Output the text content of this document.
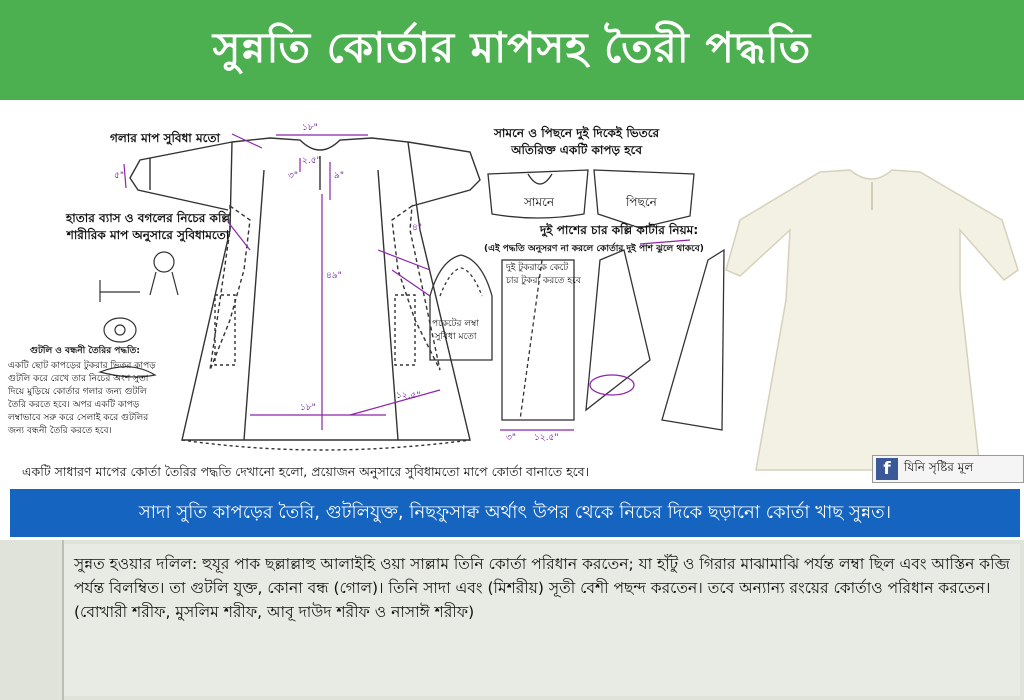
সুন্নতি কোর্তার মাপসহ তৈরী পদ্ধতি
গলার মাপ সুবিধা মতো
হাতার ব্যাস ও বগলের নিচের কল্লি
শারীরিক মাপ অনুসারে সুবিধামতো
সামনে ও পিছনে দুই দিকেই ভিতরে
অতিরিক্ত একটি কাপড় হবে
সামনে	পিছনে
দুই পাশের চার কল্লি কাটার নিয়ম:
(এই পদ্ধতি অনুসরণ না করলে কোর্তার দুই পাশ ঝুলে থাকবে)
দুই টুকরাকে কেটে
চার টুকরা করতে হবে
পকেটের লম্বা
সুবিধা মতো
গুটলি ও বন্ধনী তৈরির পদ্ধতি:
একটি ছোট কাপড়ের টুকরার ভিতর কাপড়
গুটলি করে রেখে তার নিচের অংশ সুতা
দিয়ে মুড়িয়ে কোর্তার গলার জন্য গুটলি
তৈরি করতে হবে। অপর একটি কাপড়
লম্বাভাবে সরু করে সেলাই করে গুটলির
জন্য বন্ধনী তৈরি করতে হবে।
১৮"
৫"
২.৫"
৩"	৯"
৪৯"
৪"
১৮"
১২.৫"
৩" ১২.৫"
একটি সাধারণ মাপের কোর্তা তৈরির পদ্ধতি দেখানো হলো, প্রয়োজন অনুসারে সুবিধামতো মাপে কোর্তা বানাতে হবে।	f	যিনি সৃষ্টির মূল
সাদা সুতি কাপড়ের তৈরি, গুটলিযুক্ত, নিছফুসাক্ব অর্থাৎ উপর থেকে নিচের দিকে ছড়ানো কোর্তা খাছ সুন্নত।
সুন্নত হওয়ার দলিল: হুযূর পাক ছল্লাল্লাহু আলাইহি ওয়া সাল্লাম তিনি কোর্তা পরিধান করতেন; যা হাঁটু ও গিরার মাঝামাঝি পর্যন্ত লম্বা ছিল এবং আস্তিন কব্জি পর্যন্ত বিলম্বিত। তা গুটলি যুক্ত, কোনা বন্ধ (গোল)। তিনি সাদা এবং (মিশরীয়) সূতী বেশী পছন্দ করতেন। তবে অন্যান্য রংয়ের কোর্তাও পরিধান করতেন।
(বোখারী শরীফ, মুসলিম শরীফ, আবূ দাউদ শরীফ ও নাসাঈ শরীফ)
